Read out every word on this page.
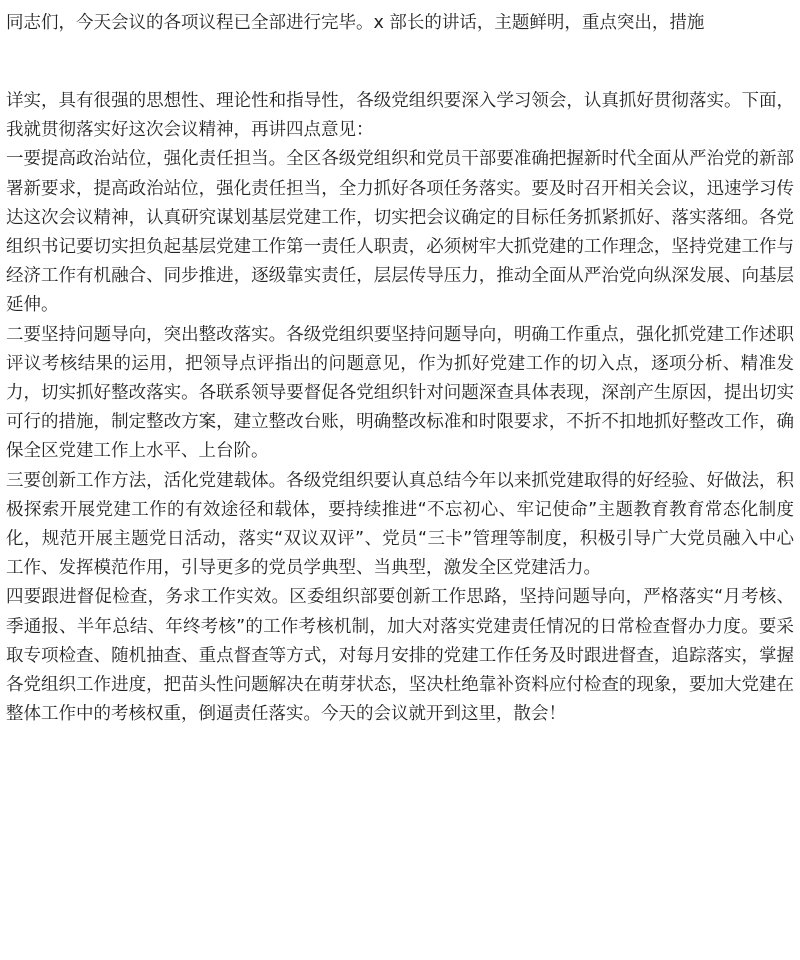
同志们，今天会议的各项议程已全部进行完毕。x 部长的讲话，主题鲜明，重点突出，措施

详实，具有很强的思想性、理论性和指导性，各级党组织要深入学习领会，认真抓好贯彻落实。下面，我就贯彻落实好这次会议精神，再讲四点意见：

一要提高政治站位，强化责任担当。全区各级党组织和党员干部要准确把握新时代全面从严治党的新部署新要求，提高政治站位，强化责任担当，全力抓好各项任务落实。要及时召开相关会议，迅速学习传达这次会议精神，认真研究谋划基层党建工作，切实把会议确定的目标任务抓紧抓好、落实落细。各党组织书记要切实担负起基层党建工作第一责任人职责，必须树牢大抓党建的工作理念，坚持党建工作与经济工作有机融合、同步推进，逐级靠实责任，层层传导压力，推动全面从严治党向纵深发展、向基层延伸。

二要坚持问题导向，突出整改落实。各级党组织要坚持问题导向，明确工作重点，强化抓党建工作述职评议考核结果的运用，把领导点评指出的问题意见，作为抓好党建工作的切入点，逐项分析、精准发力，切实抓好整改落实。各联系领导要督促各党组织针对问题深查具体表现，深剖产生原因，提出切实可行的措施，制定整改方案，建立整改台账，明确整改标准和时限要求，不折不扣地抓好整改工作，确保全区党建工作上水平、上台阶。

三要创新工作方法，活化党建载体。各级党组织要认真总结今年以来抓党建取得的好经验、好做法，积极探索开展党建工作的有效途径和载体，要持续推进“不忘初心、牢记使命”主题教育教育常态化制度化，规范开展主题党日活动，落实“双议双评”、党员“三卡”管理等制度，积极引导广大党员融入中心工作、发挥模范作用，引导更多的党员学典型、当典型，激发全区党建活力。

四要跟进督促检查，务求工作实效。区委组织部要创新工作思路，坚持问题导向，严格落实“月考核、季通报、半年总结、年终考核”的工作考核机制，加大对落实党建责任情况的日常检查督办力度。要采取专项检查、随机抽查、重点督查等方式，对每月安排的党建工作任务及时跟进督查，追踪落实，掌握各党组织工作进度，把苗头性问题解决在萌芽状态，坚决杜绝靠补资料应付检查的现象，要加大党建在整体工作中的考核权重，倒逼责任落实。今天的会议就开到这里，散会！
